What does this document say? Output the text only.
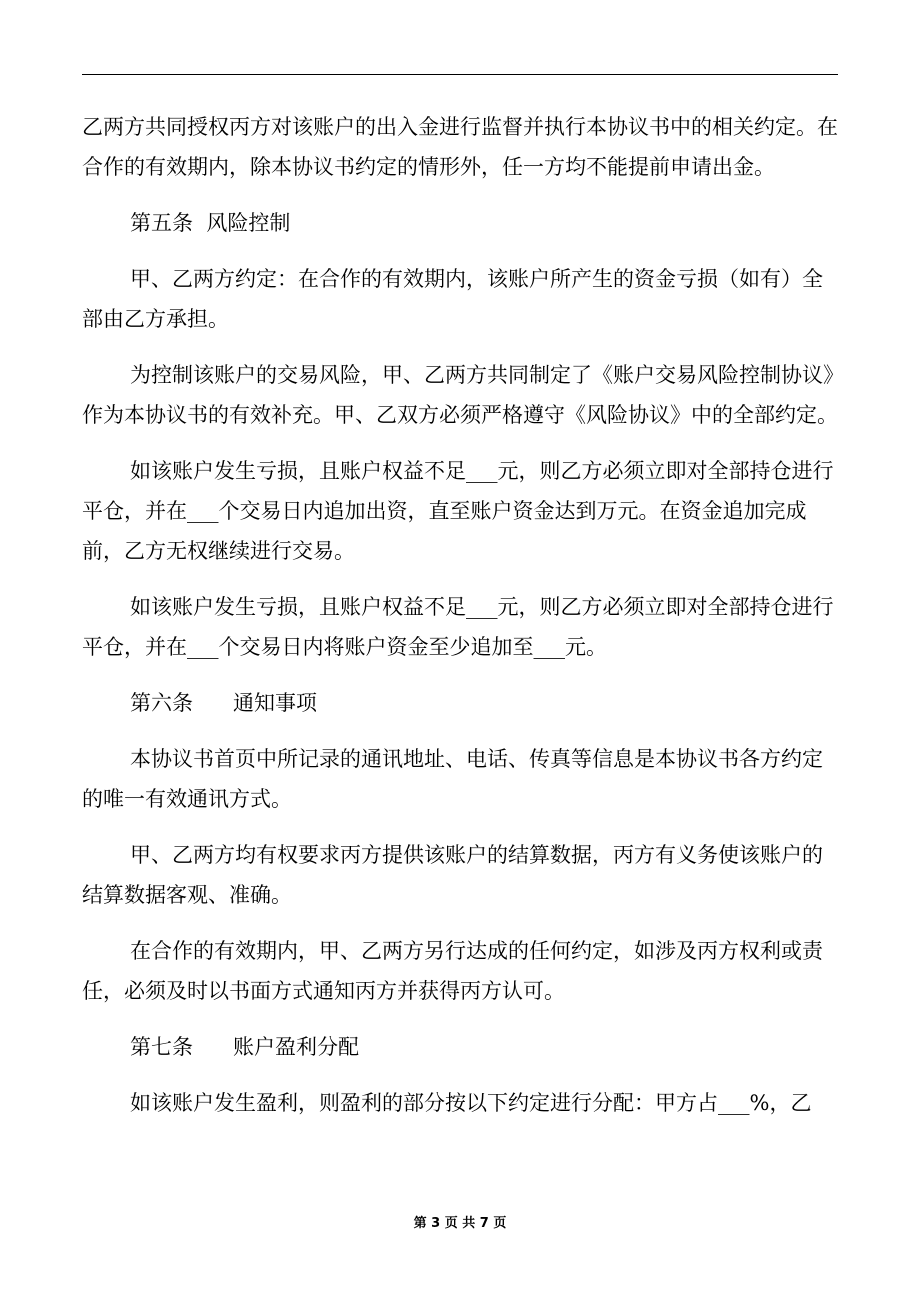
乙两方共同授权丙方对该账户的出入金进行监督并执行本协议书中的相关约定。在合作的有效期内，除本协议书约定的情形外，任一方均不能提前申请出金。

第五条  风险控制

甲、乙两方约定：在合作的有效期内，该账户所产生的资金亏损（如有）全部由乙方承担。

为控制该账户的交易风险，甲、乙两方共同制定了《账户交易风险控制协议》作为本协议书的有效补充。甲、乙双方必须严格遵守《风险协议》中的全部约定。

如该账户发生亏损，且账户权益不足___元，则乙方必须立即对全部持仓进行平仓，并在___个交易日内追加出资，直至账户资金达到万元。在资金追加完成前，乙方无权继续进行交易。

如该账户发生亏损，且账户权益不足___元，则乙方必须立即对全部持仓进行平仓，并在___个交易日内将账户资金至少追加至___元。

第六条      通知事项

本协议书首页中所记录的通讯地址、电话、传真等信息是本协议书各方约定的唯一有效通讯方式。

甲、乙两方均有权要求丙方提供该账户的结算数据，丙方有义务使该账户的结算数据客观、准确。

在合作的有效期内，甲、乙两方另行达成的任何约定，如涉及丙方权利或责任，必须及时以书面方式通知丙方并获得丙方认可。

第七条      账户盈利分配

如该账户发生盈利，则盈利的部分按以下约定进行分配：甲方占___%，乙

第 3 页 共 7 页
